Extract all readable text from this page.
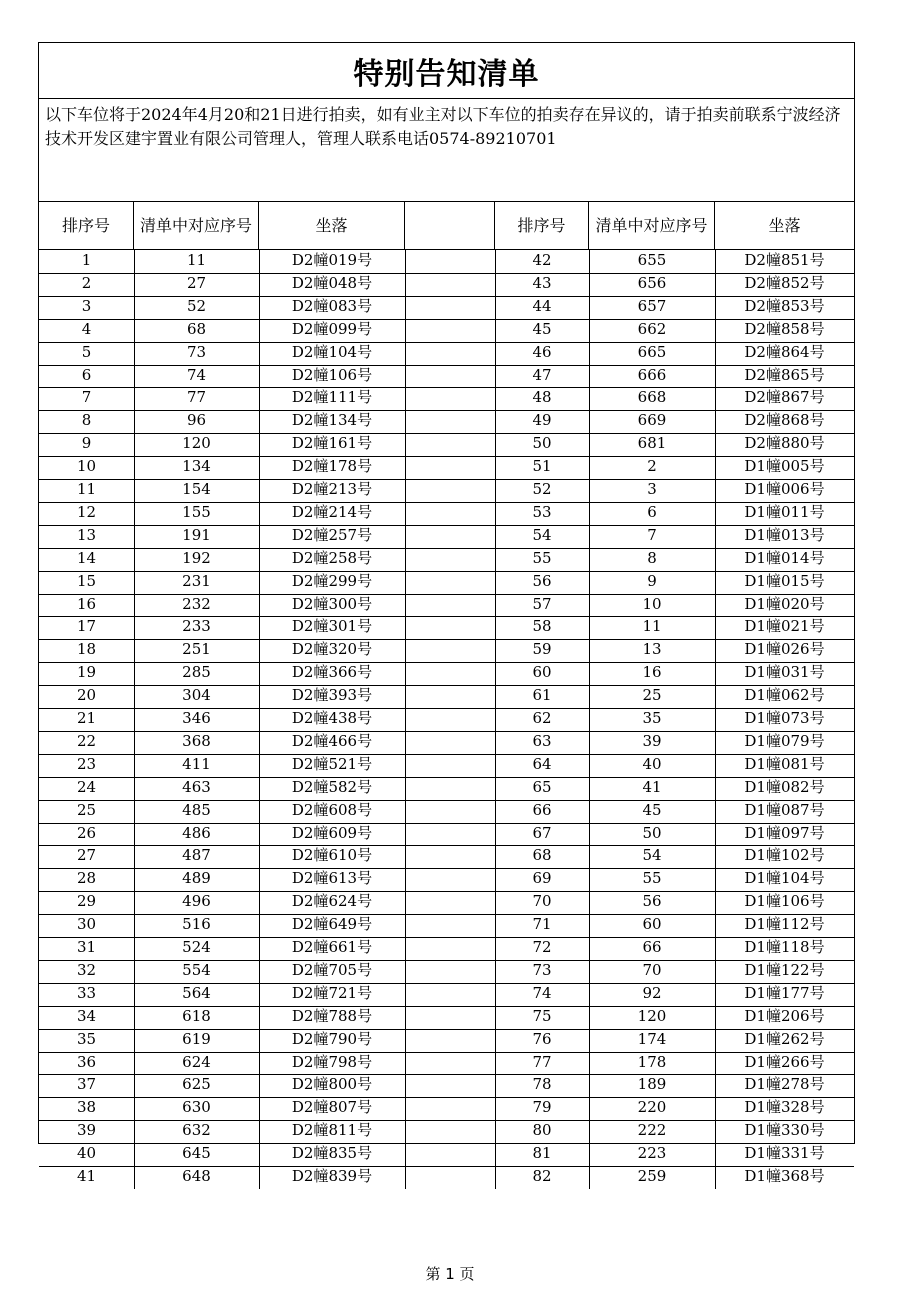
特别告知清单
以下车位将于2024年4月20和21日进行拍卖，如有业主对以下车位的拍卖存在异议的，请于拍卖前联系宁波经济技术开发区建宇置业有限公司管理人，管理人联系电话0574-89210701
排序号	清单中对应序号	坐落	排序号	清单中对应序号	坐落
1	11	D2幢019号
2	27	D2幢048号
3	52	D2幢083号
4	68	D2幢099号
5	73	D2幢104号
6	74	D2幢106号
7	77	D2幢111号
8	96	D2幢134号
9	120	D2幢161号
10	134	D2幢178号
11	154	D2幢213号
12	155	D2幢214号
13	191	D2幢257号
14	192	D2幢258号
15	231	D2幢299号
16	232	D2幢300号
17	233	D2幢301号
18	251	D2幢320号
19	285	D2幢366号
20	304	D2幢393号
21	346	D2幢438号
22	368	D2幢466号
23	411	D2幢521号
24	463	D2幢582号
25	485	D2幢608号
26	486	D2幢609号
27	487	D2幢610号
28	489	D2幢613号
29	496	D2幢624号
30	516	D2幢649号
31	524	D2幢661号
32	554	D2幢705号
33	564	D2幢721号
34	618	D2幢788号
35	619	D2幢790号
36	624	D2幢798号
37	625	D2幢800号
38	630	D2幢807号
39	632	D2幢811号
40	645	D2幢835号
41	648	D2幢839号
42	655	D2幢851号
43	656	D2幢852号
44	657	D2幢853号
45	662	D2幢858号
46	665	D2幢864号
47	666	D2幢865号
48	668	D2幢867号
49	669	D2幢868号
50	681	D2幢880号
51	2	D1幢005号
52	3	D1幢006号
53	6	D1幢011号
54	7	D1幢013号
55	8	D1幢014号
56	9	D1幢015号
57	10	D1幢020号
58	11	D1幢021号
59	13	D1幢026号
60	16	D1幢031号
61	25	D1幢062号
62	35	D1幢073号
63	39	D1幢079号
64	40	D1幢081号
65	41	D1幢082号
66	45	D1幢087号
67	50	D1幢097号
68	54	D1幢102号
69	55	D1幢104号
70	56	D1幢106号
71	60	D1幢112号
72	66	D1幢118号
73	70	D1幢122号
74	92	D1幢177号
75	120	D1幢206号
76	174	D1幢262号
77	178	D1幢266号
78	189	D1幢278号
79	220	D1幢328号
80	222	D1幢330号
81	223	D1幢331号
82	259	D1幢368号
第 1 页
